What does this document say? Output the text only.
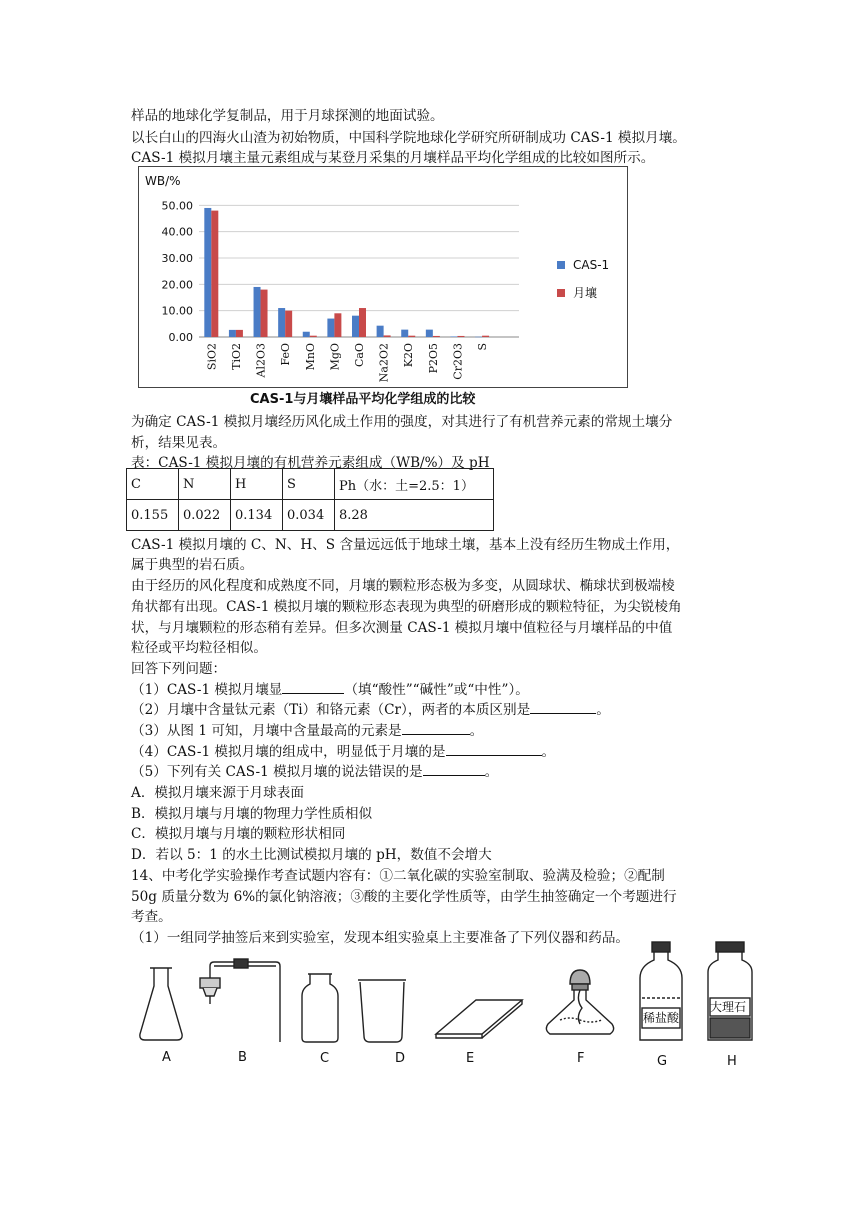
样品的地球化学复制品，用于月球探测的地面试验。
以长白山的四海火山渣为初始物质，中国科学院地球化学研究所研制成功 CAS-1 模拟月壤。
CAS-1 模拟月壤主量元素组成与某登月采集的月壤样品平均化学组成的比较如图所示。
WB/%
0.00
10.00
20.00
30.00
40.00
50.00
SiO2 TiO2 Al2O3 FeO MnO MgO CaO Na2O2 K2O P2O5 Cr2O3 S
CAS-1
月壤
CAS-1与月壤样品平均化学组成的比较
为确定 CAS-1 模拟月壤经历风化成土作用的强度，对其进行了有机营养元素的常规土壤分
析，结果见表。
表：CAS-1 模拟月壤的有机营养元素组成（WB/%）及 pH
C	N	H	S	Ph（水：土=2.5：1）
0.155	0.022	0.134	0.034	8.28
CAS-1 模拟月壤的 C、N、H、S 含量远远低于地球土壤，基本上没有经历生物成土作用，
属于典型的岩石质。
由于经历的风化程度和成熟度不同，月壤的颗粒形态极为多变，从圆球状、椭球状到极端棱
角状都有出现。CAS-1 模拟月壤的颗粒形态表现为典型的研磨形成的颗粒特征，为尖锐棱角
状，与月壤颗粒的形态稍有差异。但多次测量 CAS-1 模拟月壤中值粒径与月壤样品的中值
粒径或平均粒径相似。
回答下列问题：
（1）CAS-1 模拟月壤显	（填“酸性”“碱性”或“中性”）。
（2）月壤中含量钛元素（Ti）和铬元素（Cr），两者的本质区别是	。
（3）从图 1 可知，月壤中含量最高的元素是	。
（4）CAS-1 模拟月壤的组成中，明显低于月壤的是	。
（5）下列有关 CAS-1 模拟月壤的说法错误的是	。
A．模拟月壤来源于月球表面
B．模拟月壤与月壤的物理力学性质相似
C．模拟月壤与月壤的颗粒形状相同
D．若以 5：1 的水土比测试模拟月壤的 pH，数值不会增大
14、中考化学实验操作考查试题内容有：①二氧化碳的实验室制取、验满及检验；②配制
50g 质量分数为 6%的氯化钠溶液；③酸的主要化学性质等，由学生抽签确定一个考题进行
考查。
（1）一组同学抽签后来到实验室，发现本组实验桌上主要准备了下列仪器和药品。
稀盐酸
大理石
A	B	C	D	E	F	G	H
